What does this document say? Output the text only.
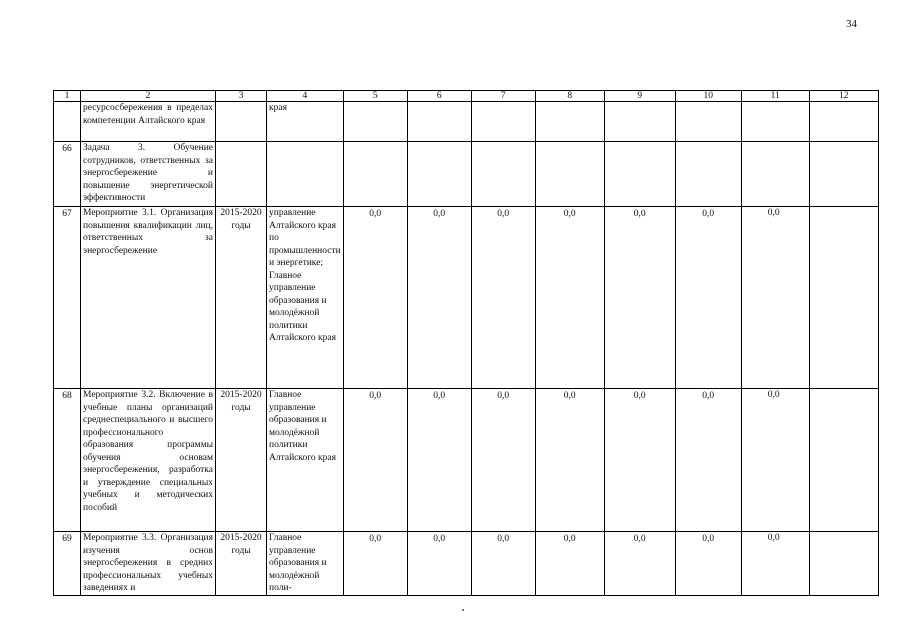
34
1	2	3	4	5	6	7	8	9	10	11	12
	ресурсосбережения в пределах компетенции Алтайского края		края								
66	Задача 3. Обучение сотрудников, ответственных за энергосбережение и повышение энергетической эффективности										
67	Мероприятие 3.1. Организация повышения квалификации лиц, ответственных за энергосбережение	2015-2020 годы	управление Алтайского края по промышленности и энергетике; Главное управление образования и молодёжной политики Алтайского края	0,0	0,0	0,0	0,0	0,0	0,0	0,0	
68	Мероприятие 3.2. Включение в учебные планы организаций среднеспециального и высшего профессионального образования программы обучения основам энергосбережения, разработка и утверждение специальных учебных и методических пособий	2015-2020 годы	Главное управление образования и молодёжной политики Алтайского края	0,0	0,0	0,0	0,0	0,0	0,0	0,0	
69	Мероприятие 3.3. Организация изучения основ энергосбережения в средних профессиональных учебных заведениях и	2015-2020 годы	Главное управление образования и молодёжной поли-	0,0	0,0	0,0	0,0	0,0	0,0	0,0	
